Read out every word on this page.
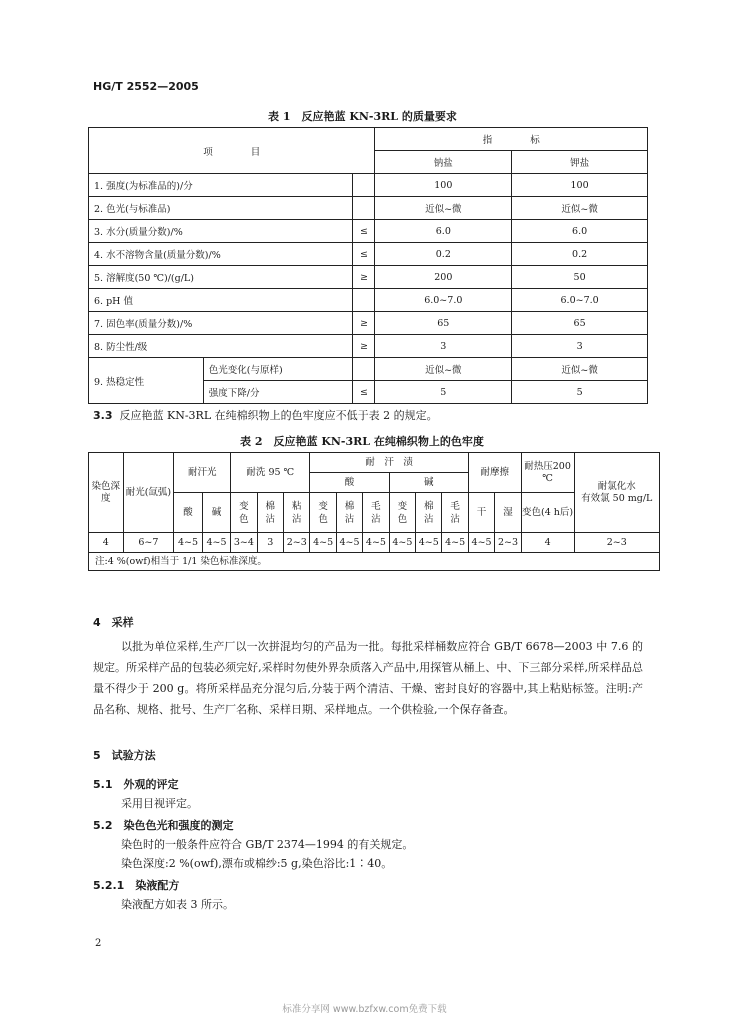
HG/T 2552—2005
表 1　反应艳蓝 KN-3RL 的质量要求
项　　　　目			指　　　　标	
			钠盐	钾盐
1. 强度(为标准品的)/分			100	100
2. 色光(与标准品)			近似~微	近似~微
3. 水分(质量分数)/%		≤	6.0	6.0
4. 水不溶物含量(质量分数)/%		≤	0.2	0.2
5. 溶解度(50 ℃)/(g/L)		≥	200	50
6. pH 值			6.0~7.0	6.0~7.0
7. 固色率(质量分数)/%		≥	65	65
8. 防尘性/级		≥	3	3
9. 热稳定性	色光变化(与原样)		近似~微	近似~微
	强度下降/分	≤	5	5
3.3 反应艳蓝 KN-3RL 在纯棉织物上的色牢度应不低于表 2 的规定。
表 2　反应艳蓝 KN-3RL 在纯棉织物上的色牢度
染色深度	耐光(氙弧)	耐汗光		耐洗 95 ℃			耐　汗　渍						耐摩擦		耐热压200 ℃	耐氯化水
有效氯 50 mg/L
							酸			碱						
		酸	碱	变色	棉沾	粘沾	变色	棉沾	毛沾	变色	棉沾	毛沾	干	湿	变色(4 h后)	
4	6~7	4~5	4~5	3~4	3	2~3	4~5	4~5	4~5	4~5	4~5	4~5	4~5	2~3	4	2~3
注:4 %(owf)相当于 1/1 染色标准深度。																
4　采样
以批为单位采样,生产厂以一次拼混均匀的产品为一批。每批采样桶数应符合 GB/T 6678—2003 中 7.6 的规定。所采样产品的包装必须完好,采样时勿使外界杂质落入产品中,用探管从桶上、中、下三部分采样,所采样品总量不得少于 200 g。将所采样品充分混匀后,分装于两个清洁、干燥、密封良好的容器中,其上粘贴标签。注明:产品名称、规格、批号、生产厂名称、采样日期、采样地点。一个供检验,一个保存备查。
5　试验方法
5.1　外观的评定
采用目视评定。
5.2　染色色光和强度的测定
染色时的一般条件应符合 GB/T 2374—1994 的有关规定。
染色深度:2 %(owf),漂布或棉纱:5 g,染色浴比:1∶40。
5.2.1　染液配方
染液配方如表 3 所示。
2
标准分享网 www.bzfxw.com免费下载
